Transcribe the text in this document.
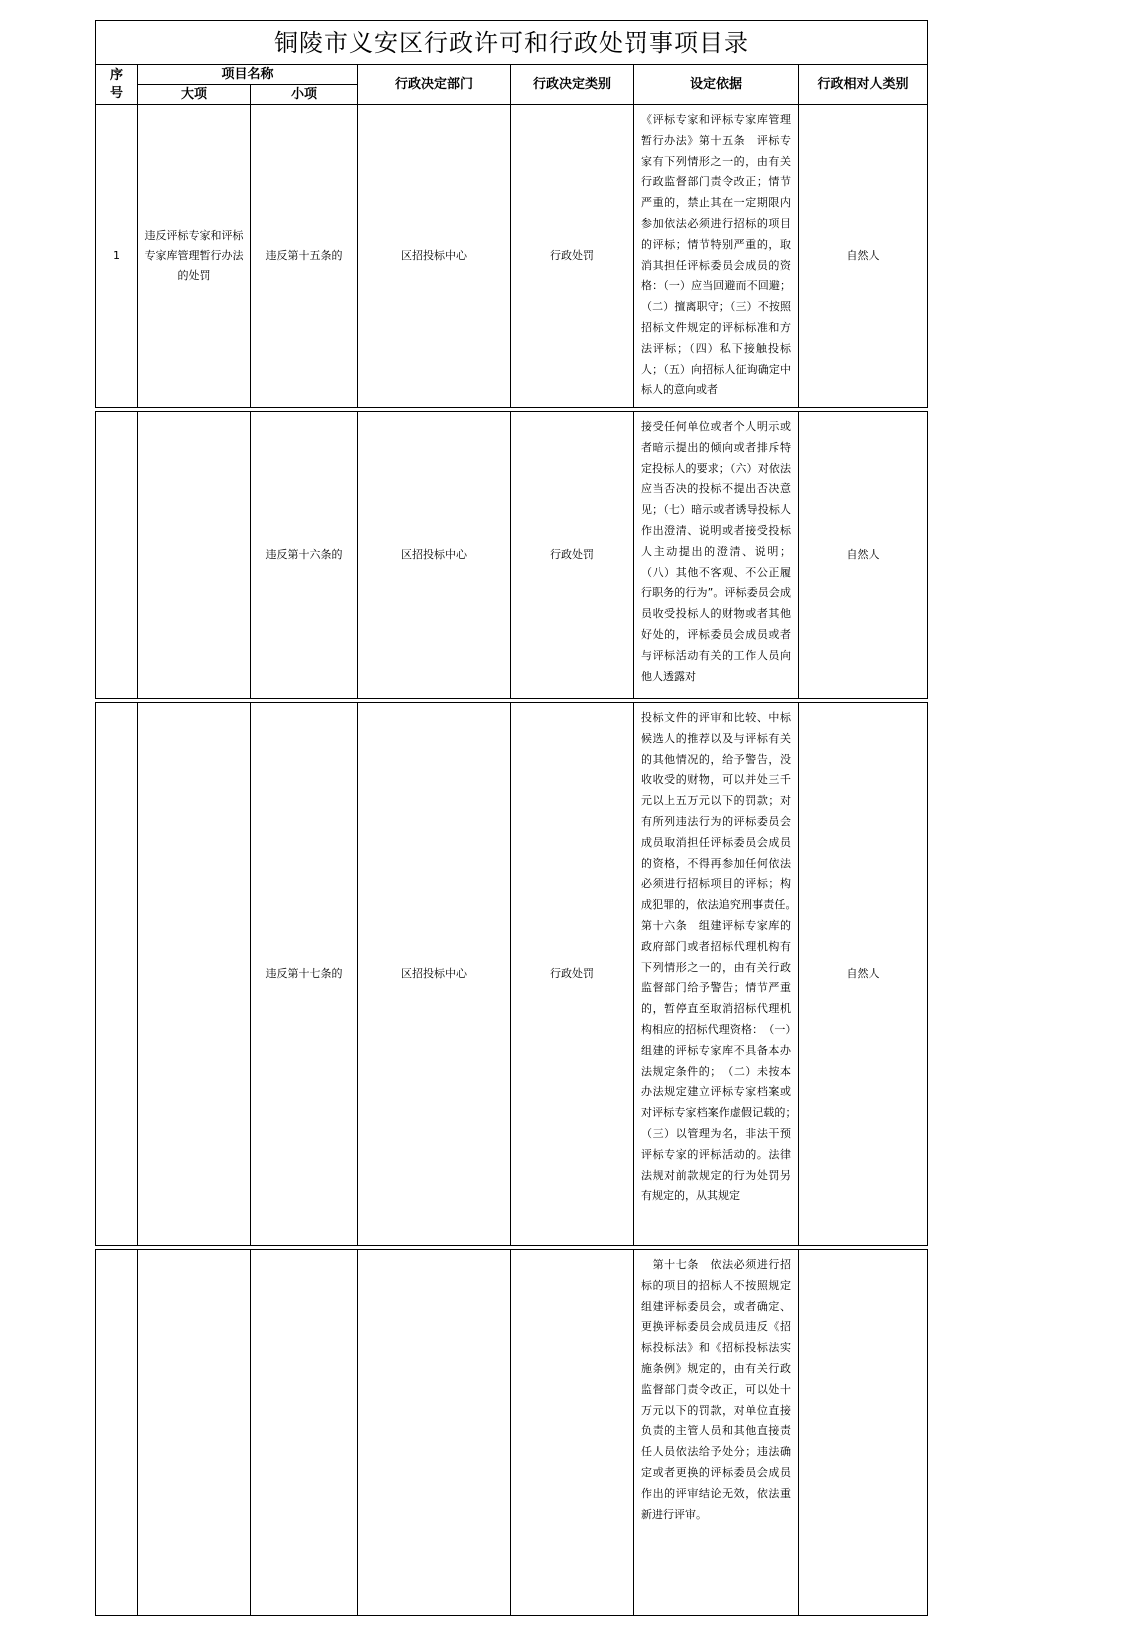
铜陵市义安区行政许可和行政处罚事项目录						
序号	项目名称		行政决定部门	行政决定类别	设定依据	行政相对人类别
	大项	小项				
1	违反评标专家和评标专家库管理暂行办法的处罚	违反第十五条的	区招投标中心	行政处罚	《评标专家和评标专家库管理暂行办法》第十五条　评标专家有下列情形之一的，由有关行政监督部门责令改正；情节严重的，禁止其在一定期限内参加依法必须进行招标的项目的评标；情节特别严重的，取消其担任评标委员会成员的资格：（一）应当回避而不回避；（二）擅离职守；（三）不按照招标文件规定的评标标准和方法评标；（四）私下接触投标人；（五）向招标人征询确定中标人的意向或者	自然人

		违反第十六条的	区招投标中心	行政处罚	接受任何单位或者个人明示或者暗示提出的倾向或者排斥特定投标人的要求；（六）对依法应当否决的投标不提出否决意见；（七）暗示或者诱导投标人作出澄清、说明或者接受投标人主动提出的澄清、说明；（八）其他不客观、不公正履行职务的行为”。评标委员会成员收受投标人的财物或者其他好处的，评标委员会成员或者与评标活动有关的工作人员向他人透露对	自然人

		违反第十七条的	区招投标中心	行政处罚	投标文件的评审和比较、中标候选人的推荐以及与评标有关的其他情况的，给予警告，没收收受的财物，可以并处三千元以上五万元以下的罚款；对有所列违法行为的评标委员会成员取消担任评标委员会成员的资格，不得再参加任何依法必须进行招标项目的评标；构成犯罪的，依法追究刑事责任。　第十六条　组建评标专家库的政府部门或者招标代理机构有下列情形之一的，由有关行政监督部门给予警告；情节严重的，暂停直至取消招标代理机构相应的招标代理资格：　（一）组建的评标专家库不具备本办法规定条件的；　（二）未按本办法规定建立评标专家档案或对评标专家档案作虚假记载的；　（三）以管理为名，非法干预评标专家的评标活动的。法律法规对前款规定的行为处罚另有规定的，从其规定	自然人

					　第十七条　依法必须进行招标的项目的招标人不按照规定组建评标委员会，或者确定、更换评标委员会成员违反《招标投标法》和《招标投标法实施条例》规定的，由有关行政监督部门责令改正，可以处十万元以下的罚款，对单位直接负责的主管人员和其他直接责任人员依法给予处分；违法确定或者更换的评标委员会成员作出的评审结论无效，依法重新进行评审。	
